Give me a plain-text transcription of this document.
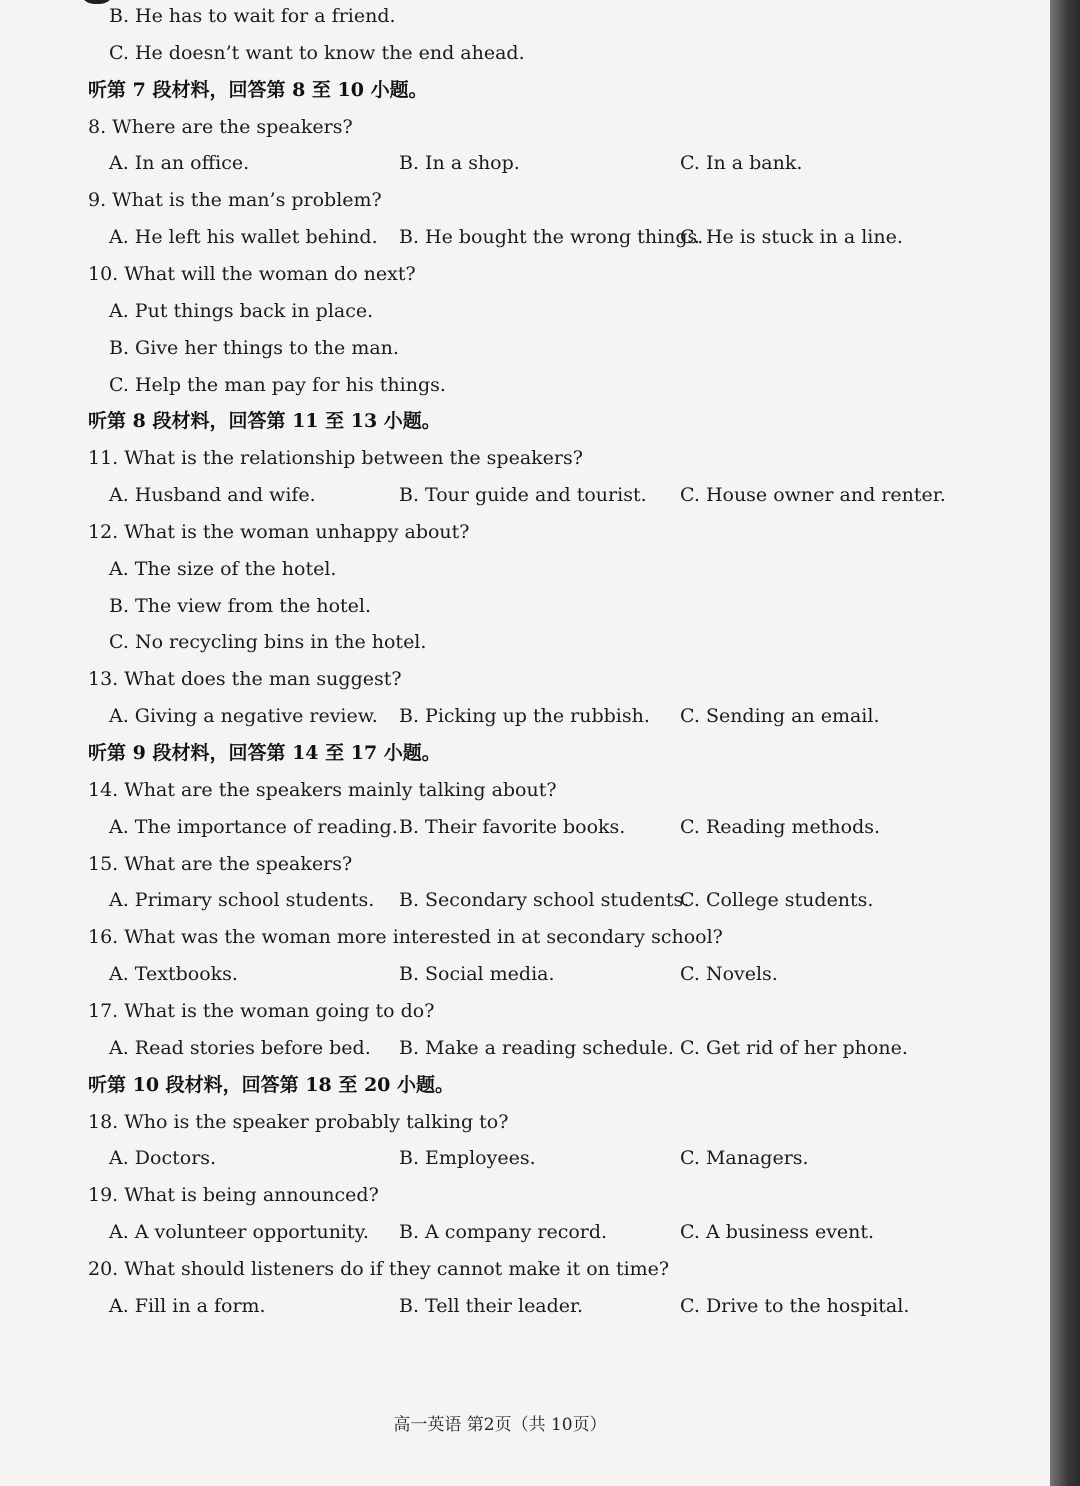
B. He has to wait for a friend.
C. He doesn’t want to know the end ahead.
听第 7 段材料，回答第 8 至 10 小题。
8. Where are the speakers?
A. In an office.	B. In a shop.	C. In a bank.
9. What is the man’s problem?
A. He left his wallet behind. B. He bought the wrong things.
C. He is stuck in a line.
10. What will the woman do next?
A. Put things back in place.
B. Give her things to the man.
C. Help the man pay for his things.
听第 8 段材料，回答第 11 至 13 小题。
11. What is the relationship between the speakers?
A. Husband and wife.	B. Tour guide and tourist. C. House owner and renter.
12. What is the woman unhappy about?
A. The size of the hotel.
B. The view from the hotel.
C. No recycling bins in the hotel.
13. What does the man suggest?
A. Giving a negative review. B. Picking up the rubbish. C. Sending an email.
听第 9 段材料，回答第 14 至 17 小题。
14. What are the speakers mainly talking about?
A. The importance of reading. B. Their favorite books.	C. Reading methods.
15. What are the speakers?
A. Primary school students. B. Secondary school students.
C. College students.
16. What was the woman more interested in at secondary school?
A. Textbooks.	B. Social media.	C. Novels.
17. What is the woman going to do?
A. Read stories before bed. B. Make a reading schedule. C. Get rid of her phone.
听第 10 段材料，回答第 18 至 20 小题。
18. Who is the speaker probably talking to?
A. Doctors.	B. Employees.	C. Managers.
19. What is being announced?
A. A volunteer opportunity. B. A company record.	C. A business event.
20. What should listeners do if they cannot make it on time?
A. Fill in a form.	B. Tell their leader.	C. Drive to the hospital.
高一英语 第2页（共 10页）
